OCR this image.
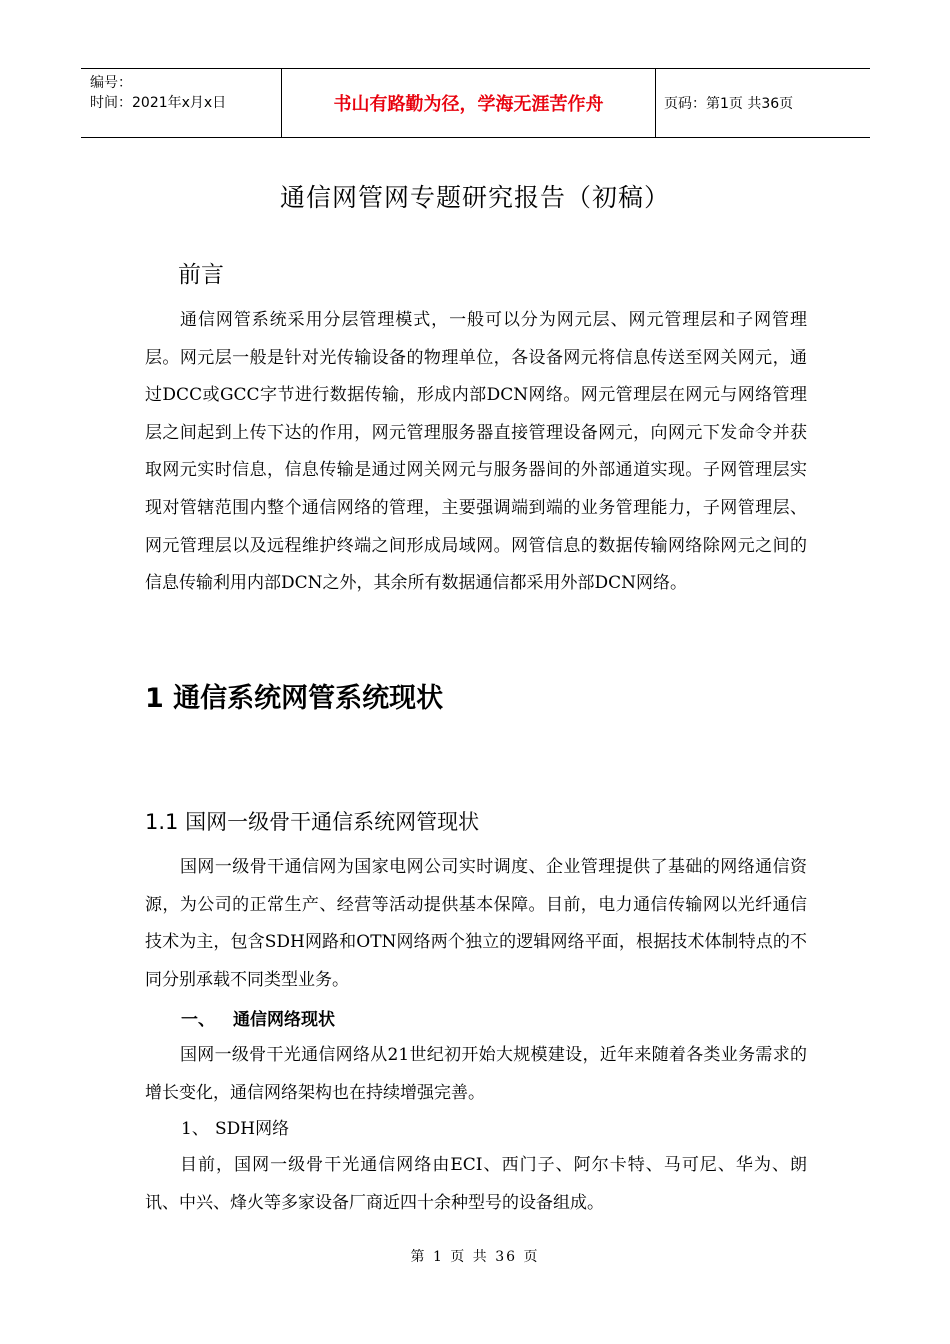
编号：
时间：2021年x月x日	书山有路勤为径，学海无涯苦作舟	页码：第1页 共36页
通信网管网专题研究报告（初稿）
前言

通信网管系统采用分层管理模式，一般可以分为网元层、网元管理层和子网管理层。网元层一般是针对光传输设备的物理单位，各设备网元将信息传送至网关网元，通过DCC或GCC字节进行数据传输，形成内部DCN网络。网元管理层在网元与网络管理层之间起到上传下达的作用，网元管理服务器直接管理设备网元，向网元下发命令并获取网元实时信息，信息传输是通过网关网元与服务器间的外部通道实现。子网管理层实现对管辖范围内整个通信网络的管理，主要强调端到端的业务管理能力，子网管理层、网元管理层以及远程维护终端之间形成局域网。网管信息的数据传输网络除网元之间的信息传输利用内部DCN之外，其余所有数据通信都采用外部DCN网络。

1 通信系统网管系统现状
1.1 国网一级骨干通信系统网管现状

国网一级骨干通信网为国家电网公司实时调度、企业管理提供了基础的网络通信资源，为公司的正常生产、经营等活动提供基本保障。目前，电力通信传输网以光纤通信技术为主，包含SDH网路和OTN网络两个独立的逻辑网络平面，根据技术体制特点的不同分别承载不同类型业务。

一、 通信网络现状

国网一级骨干光通信网络从21世纪初开始大规模建设，近年来随着各类业务需求的增长变化，通信网络架构也在持续增强完善。

1、 SDH网络

目前，国网一级骨干光通信网络由ECI、西门子、阿尔卡特、马可尼、华为、朗讯、中兴、烽火等多家设备厂商近四十余种型号的设备组成。

第 1 页 共 36 页
